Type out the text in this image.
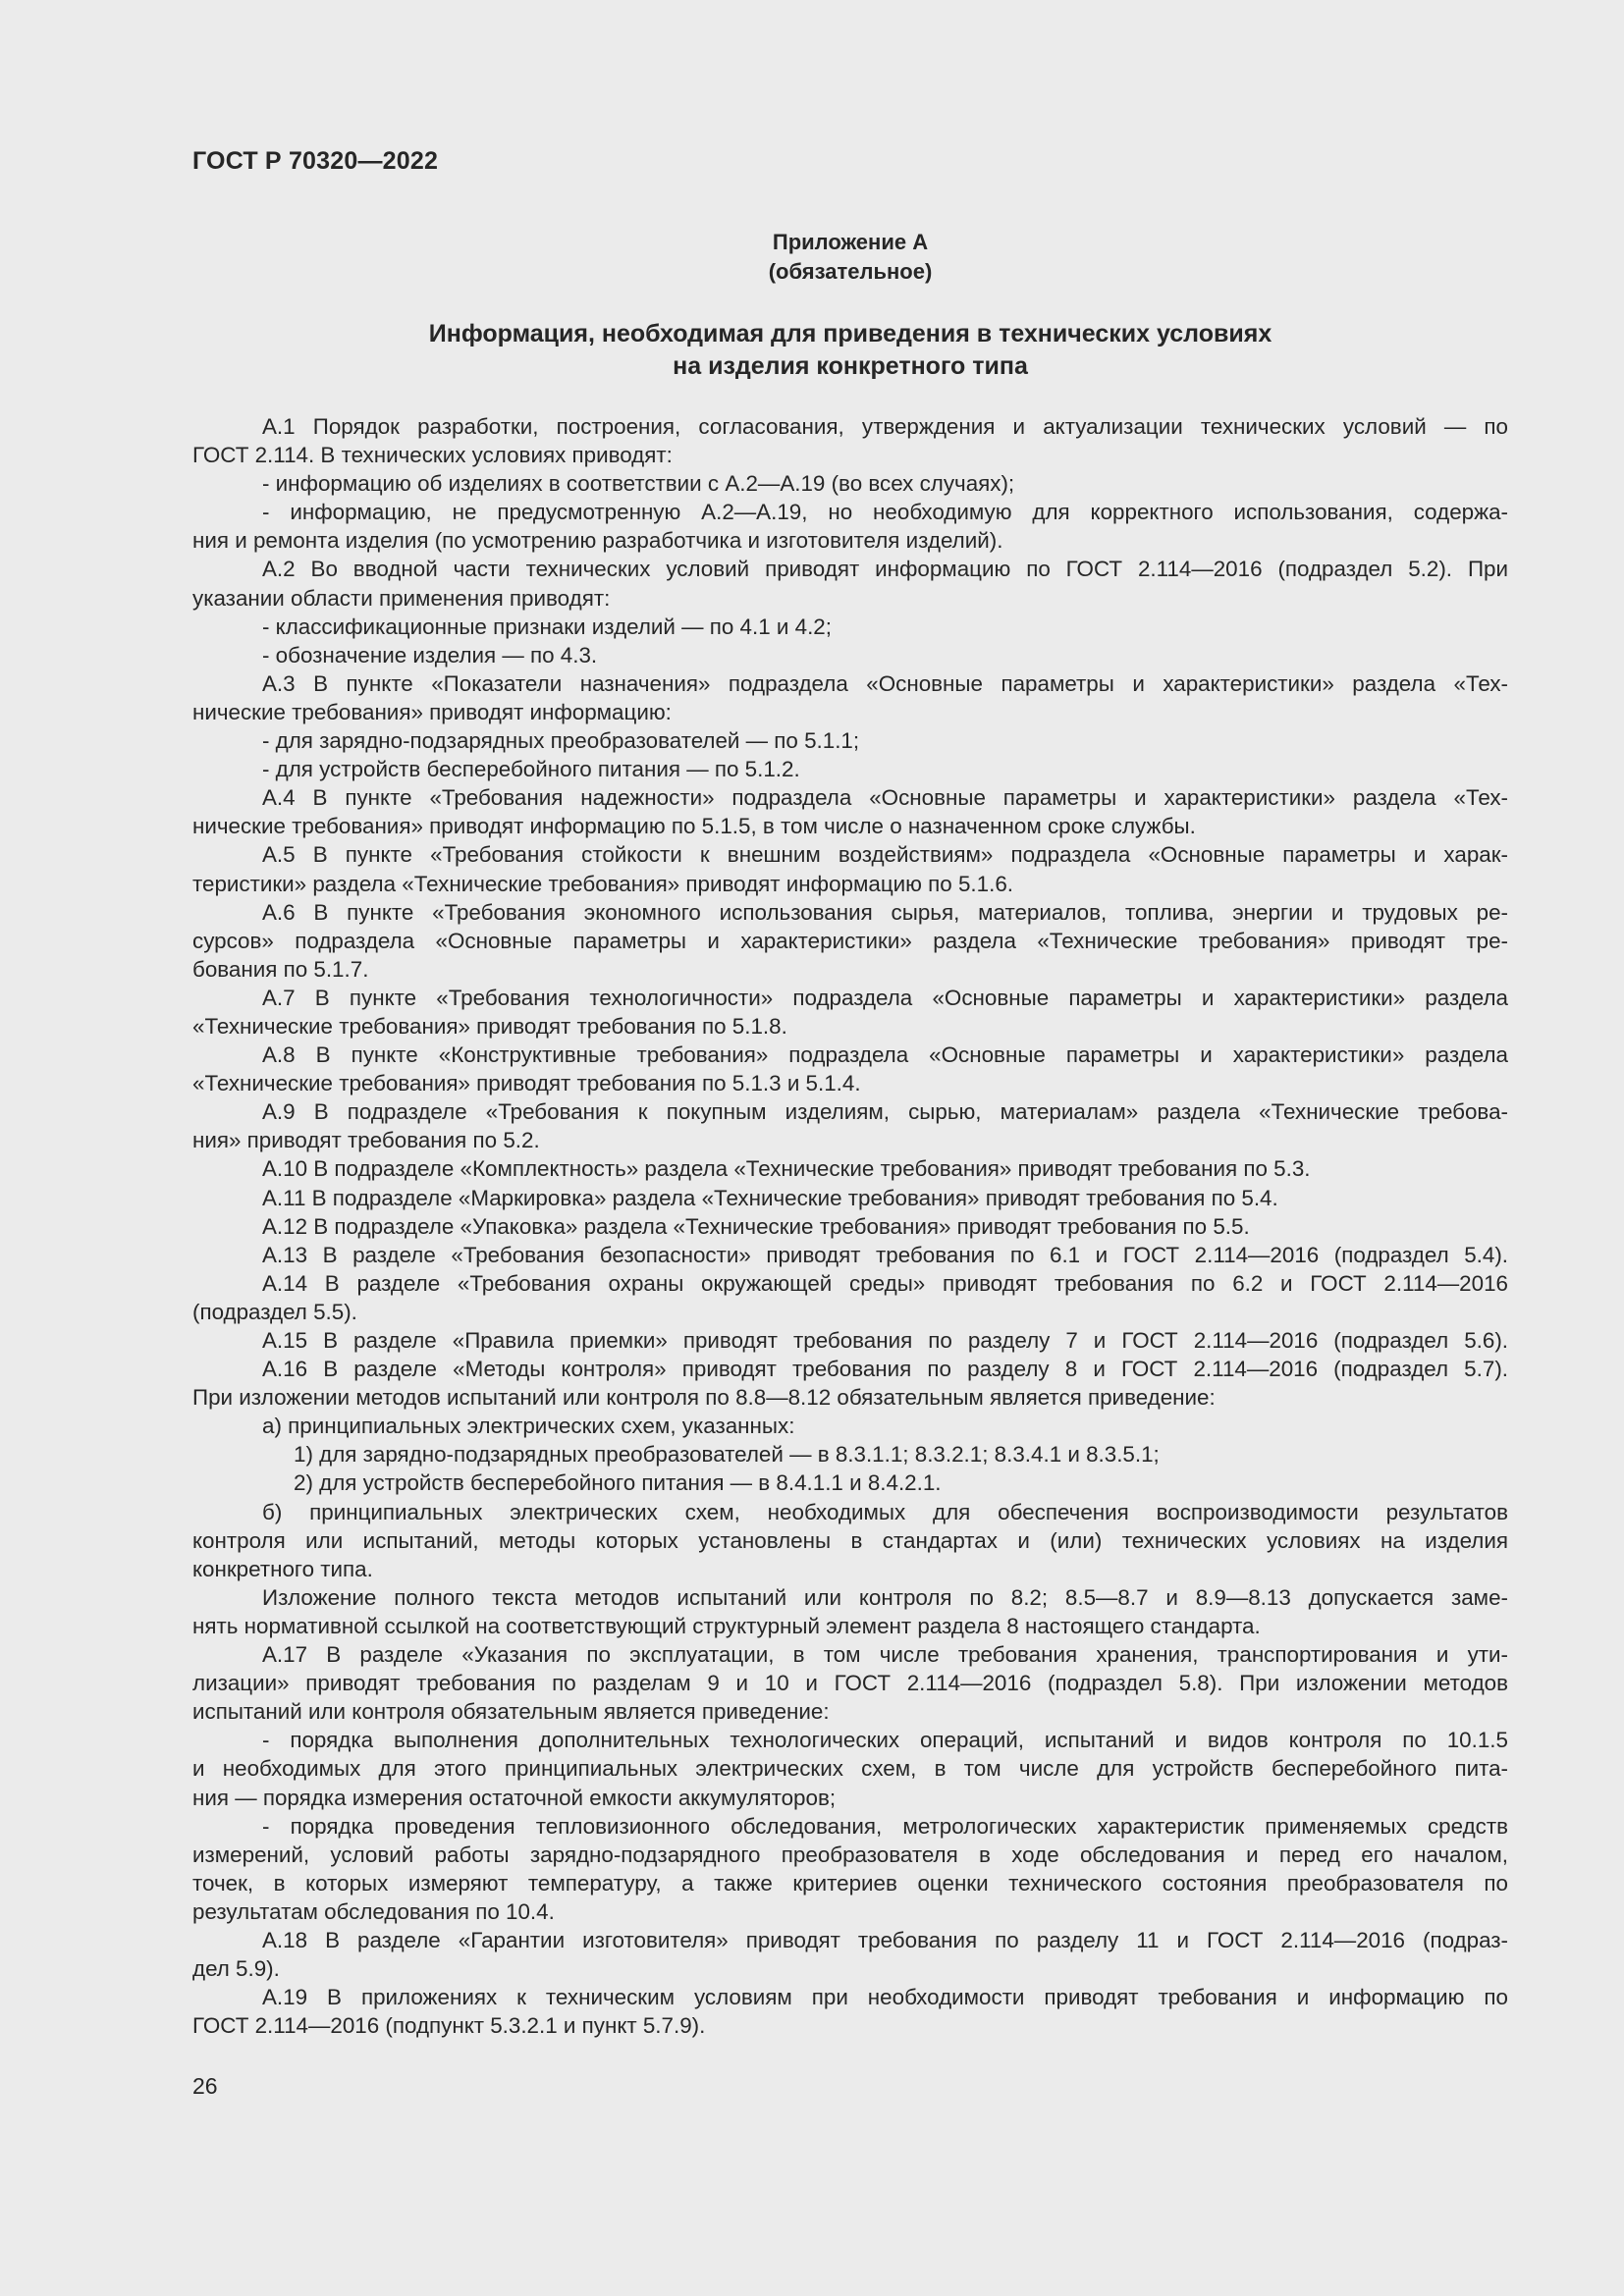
ГОСТ Р 70320—2022
Приложение А
(обязательное)
Информация, необходимая для приведения в технических условиях
на изделия конкретного типа
А.1 Порядок разработки, построения, согласования, утверждения и актуализации технических условий — по
ГОСТ 2.114. В технических условиях приводят:
- информацию об изделиях в соответствии с А.2—А.19 (во всех случаях);
- информацию, не предусмотренную А.2—А.19, но необходимую для корректного использования, содержа-
ния и ремонта изделия (по усмотрению разработчика и изготовителя изделий).
А.2 Во вводной части технических условий приводят информацию по ГОСТ 2.114—2016 (подраздел 5.2). При
указании области применения приводят:
- классификационные признаки изделий — по 4.1 и 4.2;
- обозначение изделия — по 4.3.
А.3 В пункте «Показатели назначения» подраздела «Основные параметры и характеристики» раздела «Тех-
нические требования» приводят информацию:
- для зарядно-подзарядных преобразователей — по 5.1.1;
- для устройств бесперебойного питания — по 5.1.2.
А.4 В пункте «Требования надежности» подраздела «Основные параметры и характеристики» раздела «Тех-
нические требования» приводят информацию по 5.1.5, в том числе о назначенном сроке службы.
А.5 В пункте «Требования стойкости к внешним воздействиям» подраздела «Основные параметры и харак-
теристики» раздела «Технические требования» приводят информацию по 5.1.6.
А.6 В пункте «Требования экономного использования сырья, материалов, топлива, энергии и трудовых ре-
сурсов» подраздела «Основные параметры и характеристики» раздела «Технические требования» приводят тре-
бования по 5.1.7.
А.7 В пункте «Требования технологичности» подраздела «Основные параметры и характеристики» раздела
«Технические требования» приводят требования по 5.1.8.
А.8 В пункте «Конструктивные требования» подраздела «Основные параметры и характеристики» раздела
«Технические требования» приводят требования по 5.1.3 и 5.1.4.
А.9 В подразделе «Требования к покупным изделиям, сырью, материалам» раздела «Технические требова-
ния» приводят требования по 5.2.
А.10 В подразделе «Комплектность» раздела «Технические требования» приводят требования по 5.3.
А.11 В подразделе «Маркировка» раздела «Технические требования» приводят требования по 5.4.
А.12 В подразделе «Упаковка» раздела «Технические требования» приводят требования по 5.5.
А.13 В разделе «Требования безопасности» приводят требования по 6.1 и ГОСТ 2.114—2016 (подраздел 5.4).
А.14 В разделе «Требования охраны окружающей среды» приводят требования по 6.2 и ГОСТ 2.114—2016
(подраздел 5.5).
А.15 В разделе «Правила приемки» приводят требования по разделу 7 и ГОСТ 2.114—2016 (подраздел 5.6).
А.16 В разделе «Методы контроля» приводят требования по разделу 8 и ГОСТ 2.114—2016 (подраздел 5.7).
При изложении методов испытаний или контроля по 8.8—8.12 обязательным является приведение:
а) принципиальных электрических схем, указанных:
1) для зарядно-подзарядных преобразователей — в 8.3.1.1; 8.3.2.1; 8.3.4.1 и 8.3.5.1;
2) для устройств бесперебойного питания — в 8.4.1.1 и 8.4.2.1.
б) принципиальных электрических схем, необходимых для обеспечения воспроизводимости результатов
контроля или испытаний, методы которых установлены в стандартах и (или) технических условиях на изделия
конкретного типа.
Изложение полного текста методов испытаний или контроля по 8.2; 8.5—8.7 и 8.9—8.13 допускается заме-
нять нормативной ссылкой на соответствующий структурный элемент раздела 8 настоящего стандарта.
А.17 В разделе «Указания по эксплуатации, в том числе требования хранения, транспортирования и ути-
лизации» приводят требования по разделам 9 и 10 и ГОСТ 2.114—2016 (подраздел 5.8). При изложении методов
испытаний или контроля обязательным является приведение:
- порядка выполнения дополнительных технологических операций, испытаний и видов контроля по 10.1.5
и необходимых для этого принципиальных электрических схем, в том числе для устройств бесперебойного пита-
ния — порядка измерения остаточной емкости аккумуляторов;
- порядка проведения тепловизионного обследования, метрологических характеристик применяемых средств
измерений, условий работы зарядно-подзарядного преобразователя в ходе обследования и перед его началом,
точек, в которых измеряют температуру, а также критериев оценки технического состояния преобразователя по
результатам обследования по 10.4.
А.18 В разделе «Гарантии изготовителя» приводят требования по разделу 11 и ГОСТ 2.114—2016 (подраз-
дел 5.9).
А.19 В приложениях к техническим условиям при необходимости приводят требования и информацию по
ГОСТ 2.114—2016 (подпункт 5.3.2.1 и пункт 5.7.9).
26
